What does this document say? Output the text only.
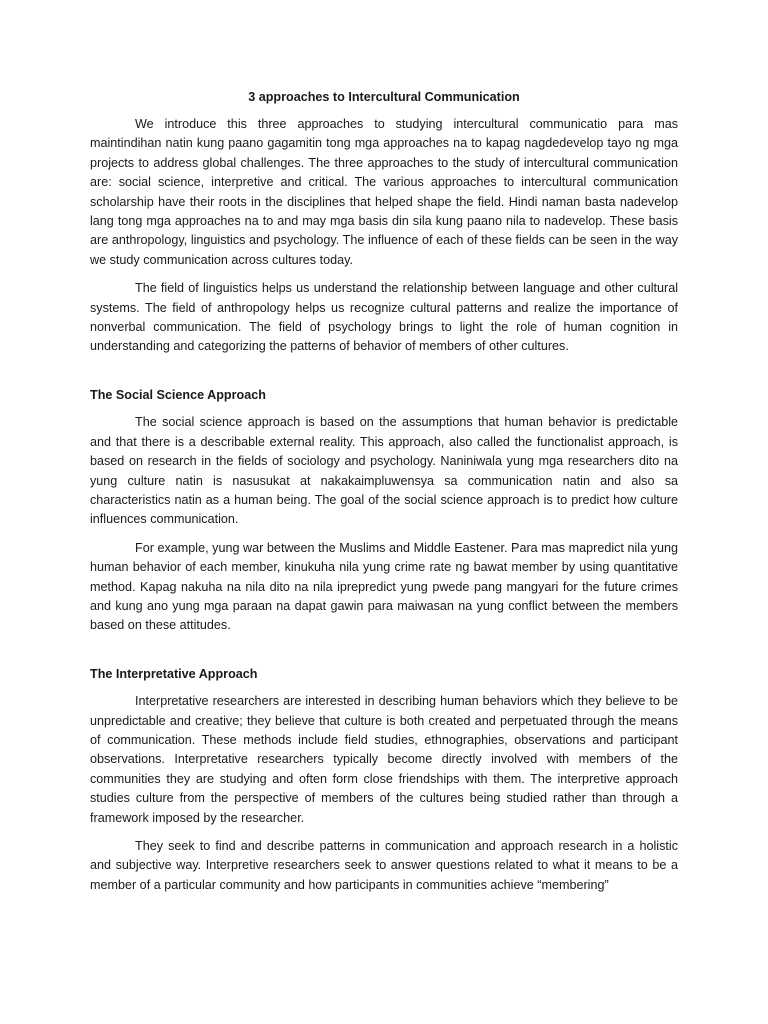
3 approaches to Intercultural Communication

We introduce this three approaches to studying intercultural communicatio para mas maintindihan natin kung paano gagamitin tong mga approaches na to kapag nagdedevelop tayo ng mga projects to address global challenges. The three approaches to the study of intercultural communication are: social science, interpretive and critical. The various approaches to intercultural communication scholarship have their roots in the disciplines that helped shape the field. Hindi naman basta nadevelop lang tong mga approaches na to and may mga basis din sila kung paano nila to nadevelop. These basis are anthropology, linguistics and psychology. The influence of each of these fields can be seen in the way we study communication across cultures today.

The field of linguistics helps us understand the relationship between language and other cultural systems. The field of anthropology helps us recognize cultural patterns and realize the importance of nonverbal communication. The field of psychology brings to light the role of human cognition in understanding and categorizing the patterns of behavior of members of other cultures.

The Social Science Approach

The social science approach is based on the assumptions that human behavior is predictable and that there is a describable external reality. This approach, also called the functionalist approach, is based on research in the fields of sociology and psychology. Naniniwala yung mga researchers dito na yung culture natin is nasusukat at nakakaimpluwensya sa communication natin and also sa characteristics natin as a human being. The goal of the social science approach is to predict how culture influences communication.

For example, yung war between the Muslims and Middle Eastener. Para mas mapredict nila yung human behavior of each member, kinukuha nila yung crime rate ng bawat member by using quantitative method. Kapag nakuha na nila dito na nila iprepredict yung pwede pang mangyari for the future crimes and kung ano yung mga paraan na dapat gawin para maiwasan na yung conflict between the members based on these attitudes.

The Interpretative Approach

Interpretative researchers are interested in describing human behaviors which they believe to be unpredictable and creative; they believe that culture is both created and perpetuated through the means of communication. These methods include field studies, ethnographies, observations and participant observations. Interpretative researchers typically become directly involved with members of the communities they are studying and often form close friendships with them. The interpretive approach studies culture from the perspective of members of the cultures being studied rather than through a framework imposed by the researcher.

They seek to find and describe patterns in communication and approach research in a holistic and subjective way. Interpretive researchers seek to answer questions related to what it means to be a member of a particular community and how participants in communities achieve “membering”
